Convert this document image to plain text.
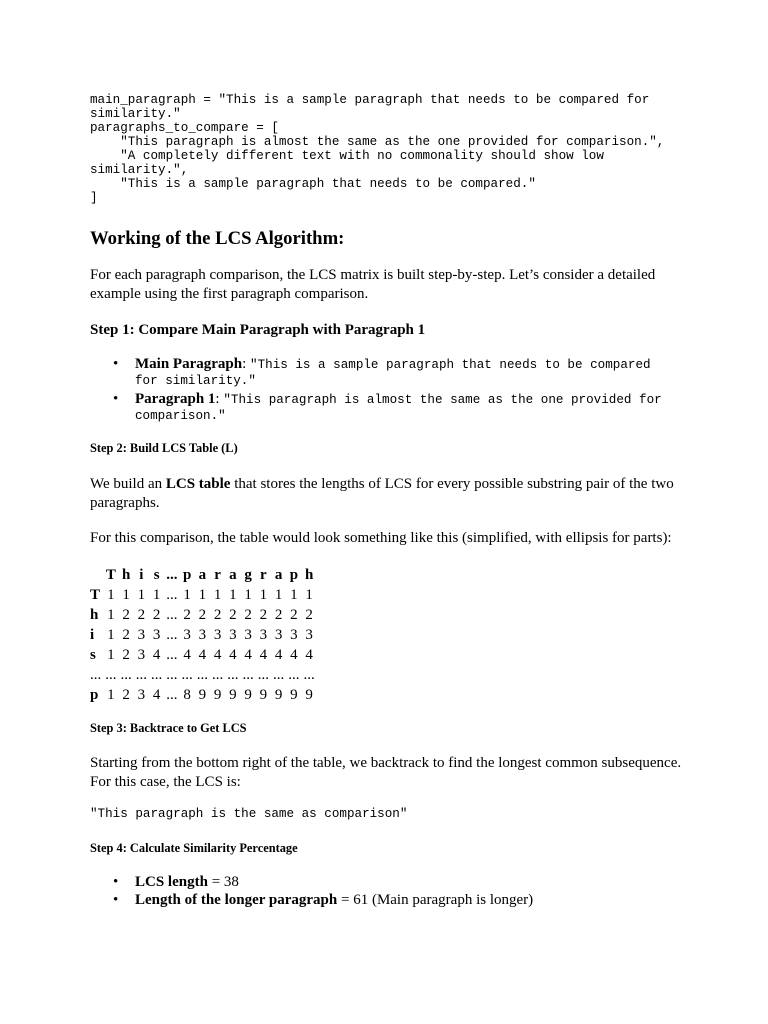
main_paragraph = "This is a sample paragraph that needs to be compared for
similarity."
paragraphs_to_compare = [
"This paragraph is almost the same as the one provided for comparison.",
"A completely different text with no commonality should show low
similarity.",
"This is a sample paragraph that needs to be compared."
]
Working of the LCS Algorithm:

For each paragraph comparison, the LCS matrix is built step-by-step. Let’s consider a detailed example using the first paragraph comparison.

Step 1: Compare Main Paragraph with Paragraph 1
• Main Paragraph: "This is a sample paragraph that needs to be compared
for similarity."
• Paragraph 1: "This paragraph is almost the same as the one provided for
comparison."
Step 2: Build LCS Table (L)

We build an LCS table that stores the lengths of LCS for every possible substring pair of the two paragraphs.

For this comparison, the table would look something like this (simplified, with ellipsis for parts):

	T	h	i	s	...	p	a	r	a	g	r	a	p	h
T	1	1	1	1	...	1	1	1	1	1	1	1	1	1
h	1	2	2	2	...	2	2	2	2	2	2	2	2	2
i	1	2	3	3	...	3	3	3	3	3	3	3	3	3
s	1	2	3	4	...	4	4	4	4	4	4	4	4	4
...	...	...	...	...	...	...	...	...	...	...	...	...	...	...
p	1	2	3	4	...	8	9	9	9	9	9	9	9	9
Step 3: Backtrace to Get LCS

Starting from the bottom right of the table, we backtrack to find the longest common subsequence. For this case, the LCS is:

"This paragraph is the same as comparison"
Step 4: Calculate Similarity Percentage
• LCS length = 38
• Length of the longer paragraph = 61 (Main paragraph is longer)
